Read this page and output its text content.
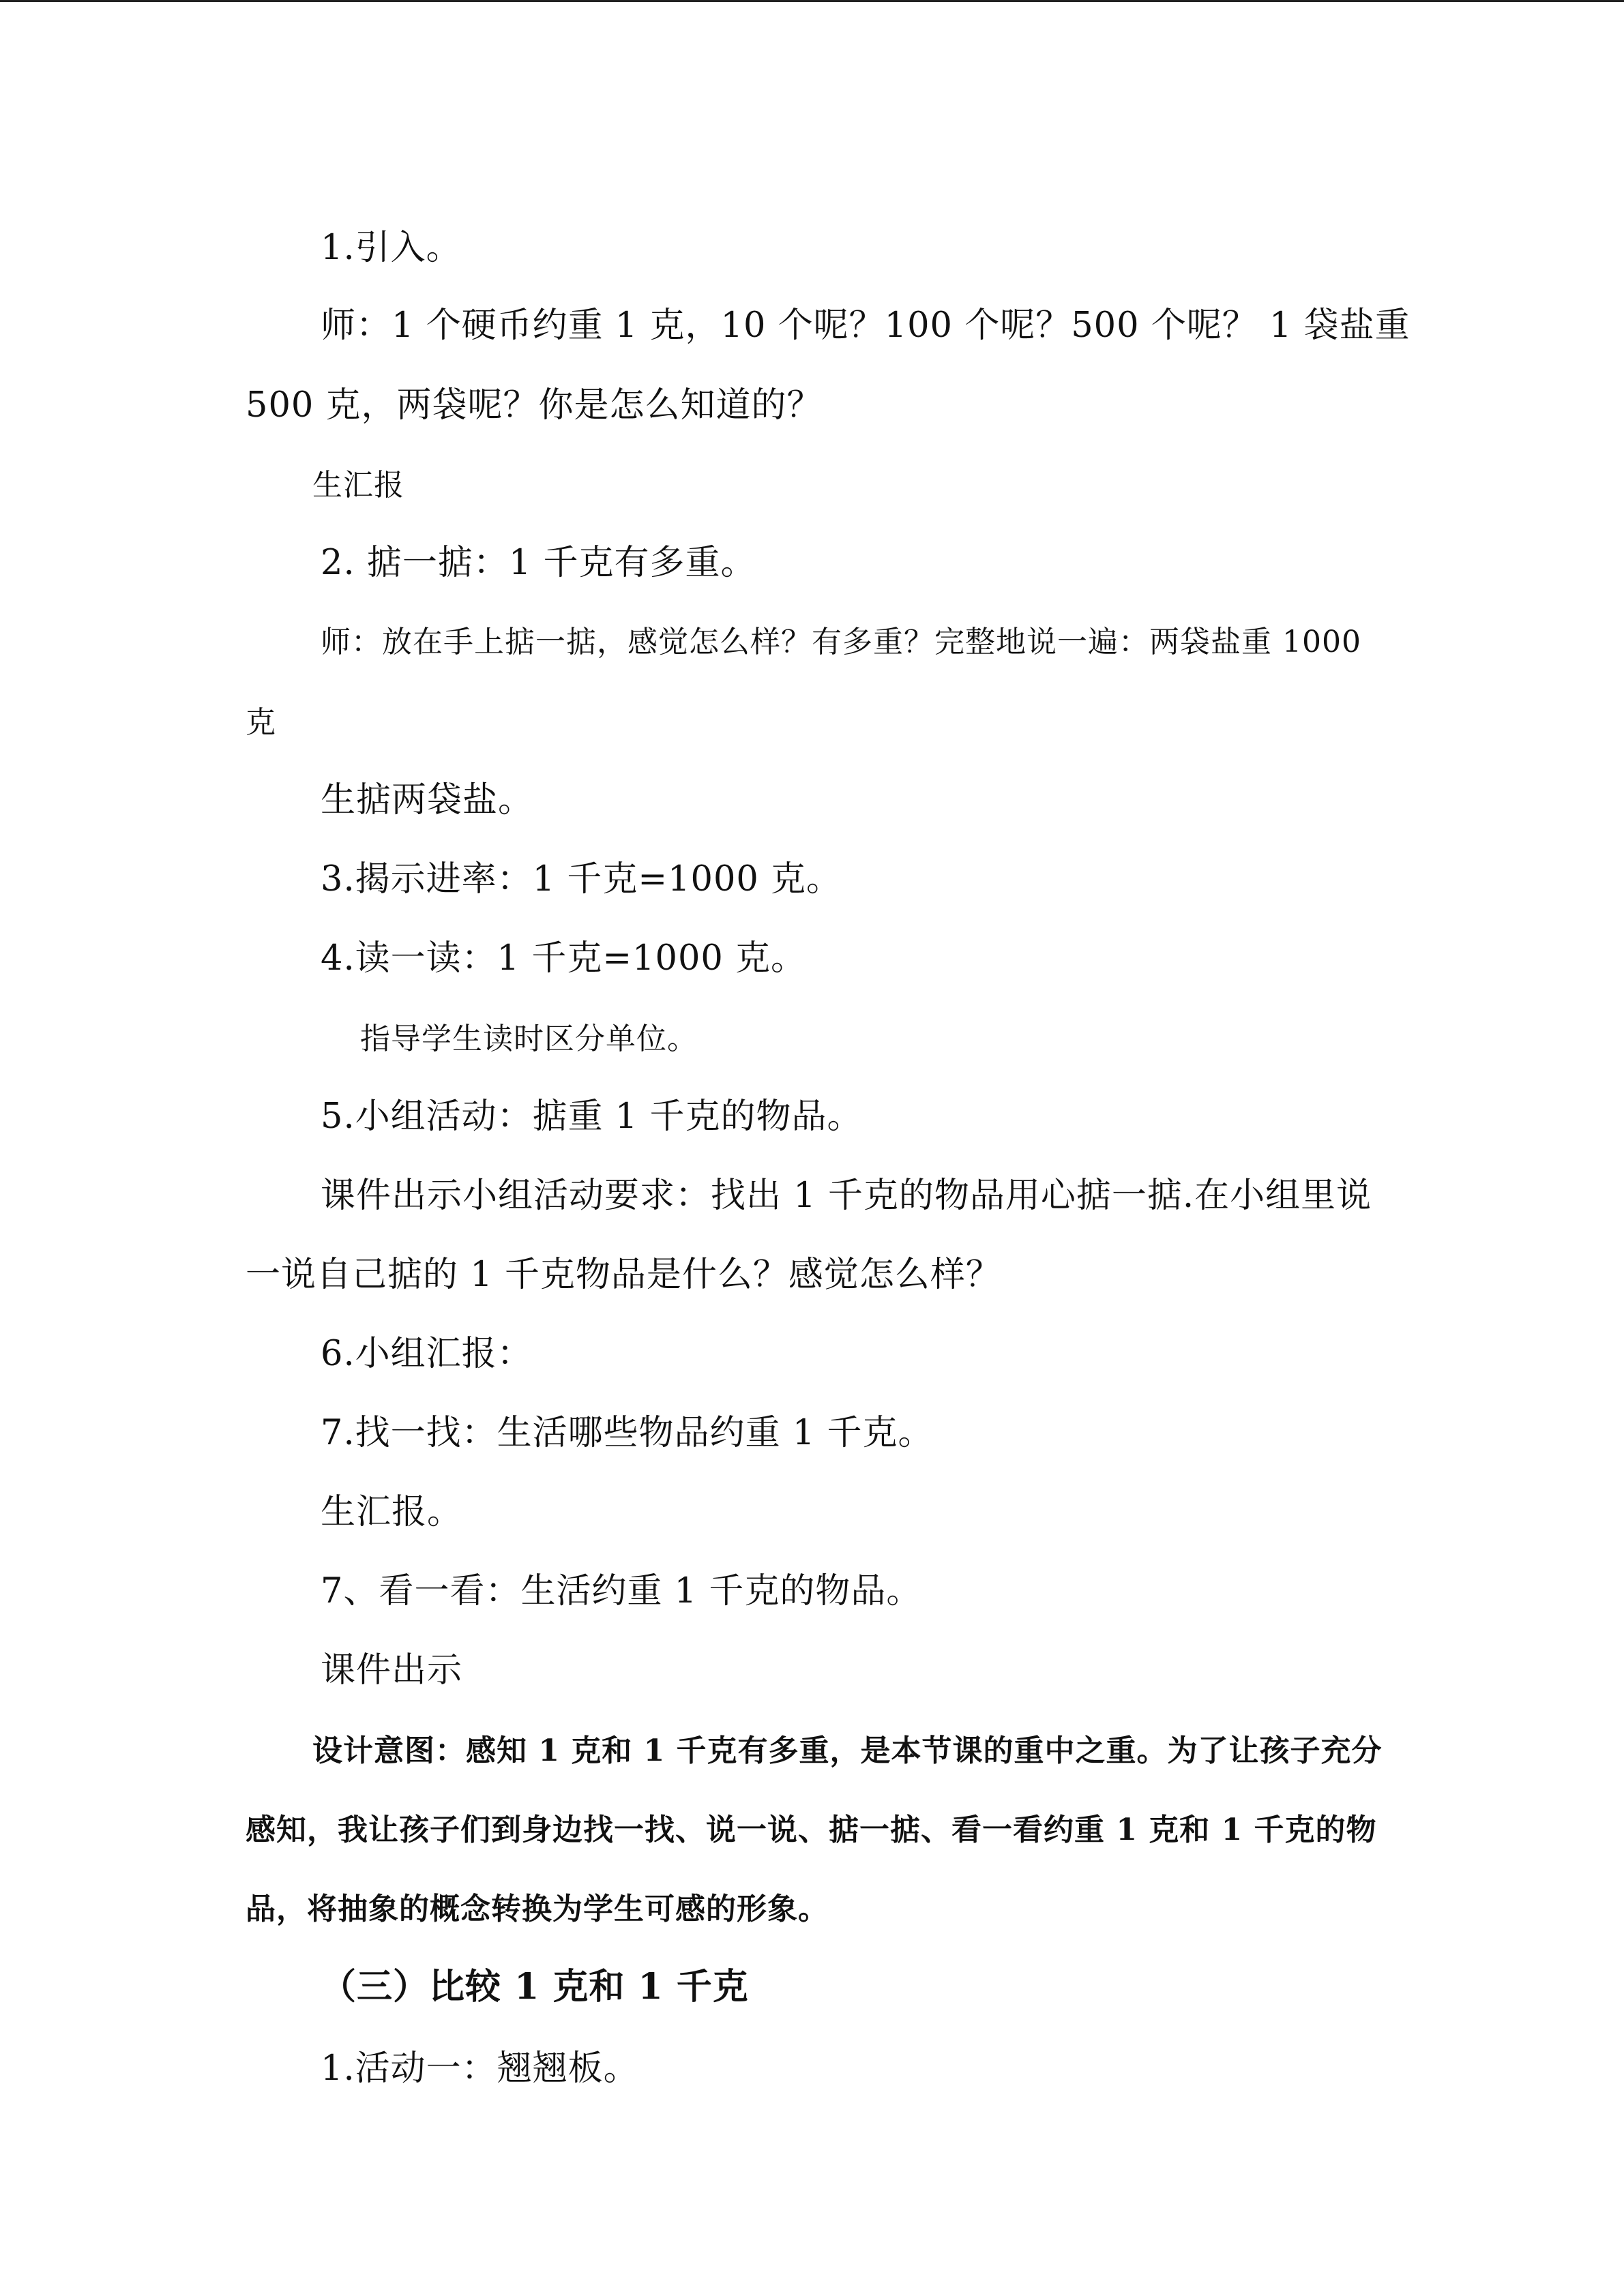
1.引入。
师：1 个硬币约重 1 克，10 个呢？100 个呢？500 个呢？ 1 袋盐重
500 克，两袋呢？你是怎么知道的？
生汇报
2. 掂一掂：1 千克有多重。
师：放在手上掂一掂，感觉怎么样？有多重？完整地说一遍：两袋盐重 1000
克
生掂两袋盐。
3.揭示进率：1 千克=1000 克。
4.读一读：1 千克=1000 克。
指导学生读时区分单位。
5.小组活动：掂重 1 千克的物品。
课件出示小组活动要求：找出 1 千克的物品用心掂一掂.在小组里说
一说自己掂的 1 千克物品是什么？感觉怎么样？
6.小组汇报：
7.找一找：生活哪些物品约重 1 千克。
生汇报。
7、看一看：生活约重 1 千克的物品。
课件出示
设计意图：感知 1 克和 1 千克有多重，是本节课的重中之重。为了让孩子充分
感知，我让孩子们到身边找一找、说一说、掂一掂、看一看约重 1 克和 1 千克的物
品，将抽象的概念转换为学生可感的形象。
（三）比较 1 克和 1 千克
1.活动一：翘翘板。
